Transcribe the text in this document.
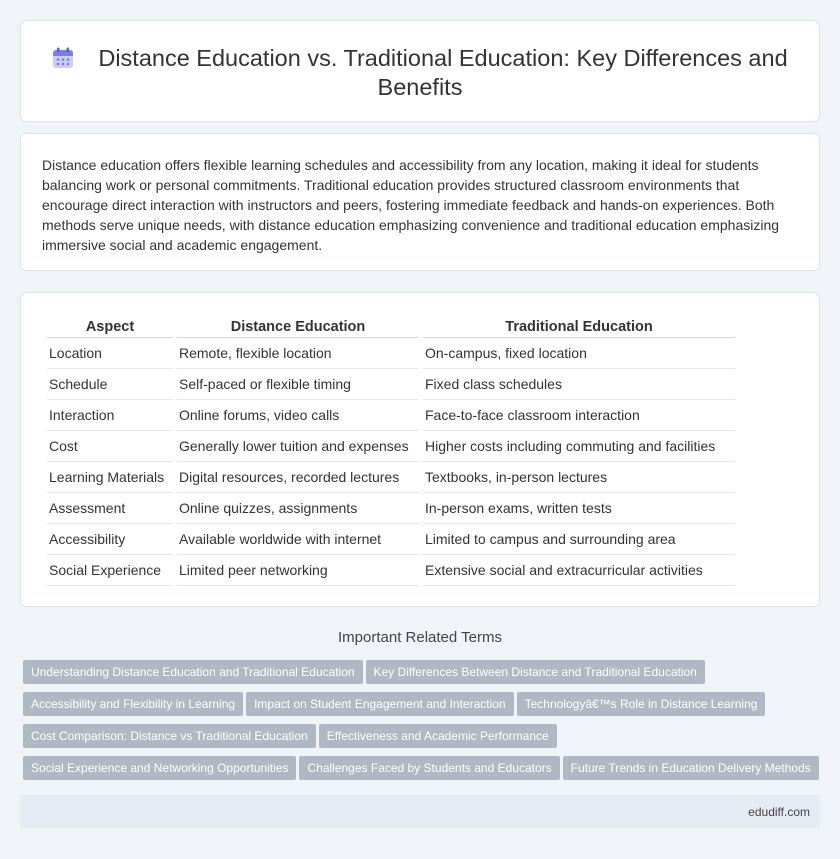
Distance Education vs. Traditional Education: Key Differences and Benefits

Distance education offers flexible learning schedules and accessibility from any location, making it ideal for students balancing work or personal commitments. Traditional education provides structured classroom environments that encourage direct interaction with instructors and peers, fostering immediate feedback and hands-on experiences. Both methods serve unique needs, with distance education emphasizing convenience and traditional education emphasizing immersive social and academic engagement.

Aspect	Distance Education	Traditional Education
Location	Remote, flexible location	On-campus, fixed location
Schedule	Self-paced or flexible timing	Fixed class schedules
Interaction	Online forums, video calls	Face-to-face classroom interaction
Cost	Generally lower tuition and expenses	Higher costs including commuting and facilities
Learning Materials	Digital resources, recorded lectures	Textbooks, in-person lectures
Assessment	Online quizzes, assignments	In-person exams, written tests
Accessibility	Available worldwide with internet	Limited to campus and surrounding area
Social Experience	Limited peer networking	Extensive social and extracurricular activities
Important Related Terms
Understanding Distance Education and Traditional Education Key Differences Between Distance and Traditional Education
Accessibility and Flexibility in Learning Impact on Student Engagement and Interaction Technologyâ€™s Role in Distance Learning
Cost Comparison: Distance vs Traditional Education Effectiveness and Academic Performance
Social Experience and Networking Opportunities Challenges Faced by Students and Educators Future Trends in Education Delivery Methods
edudiff.com
